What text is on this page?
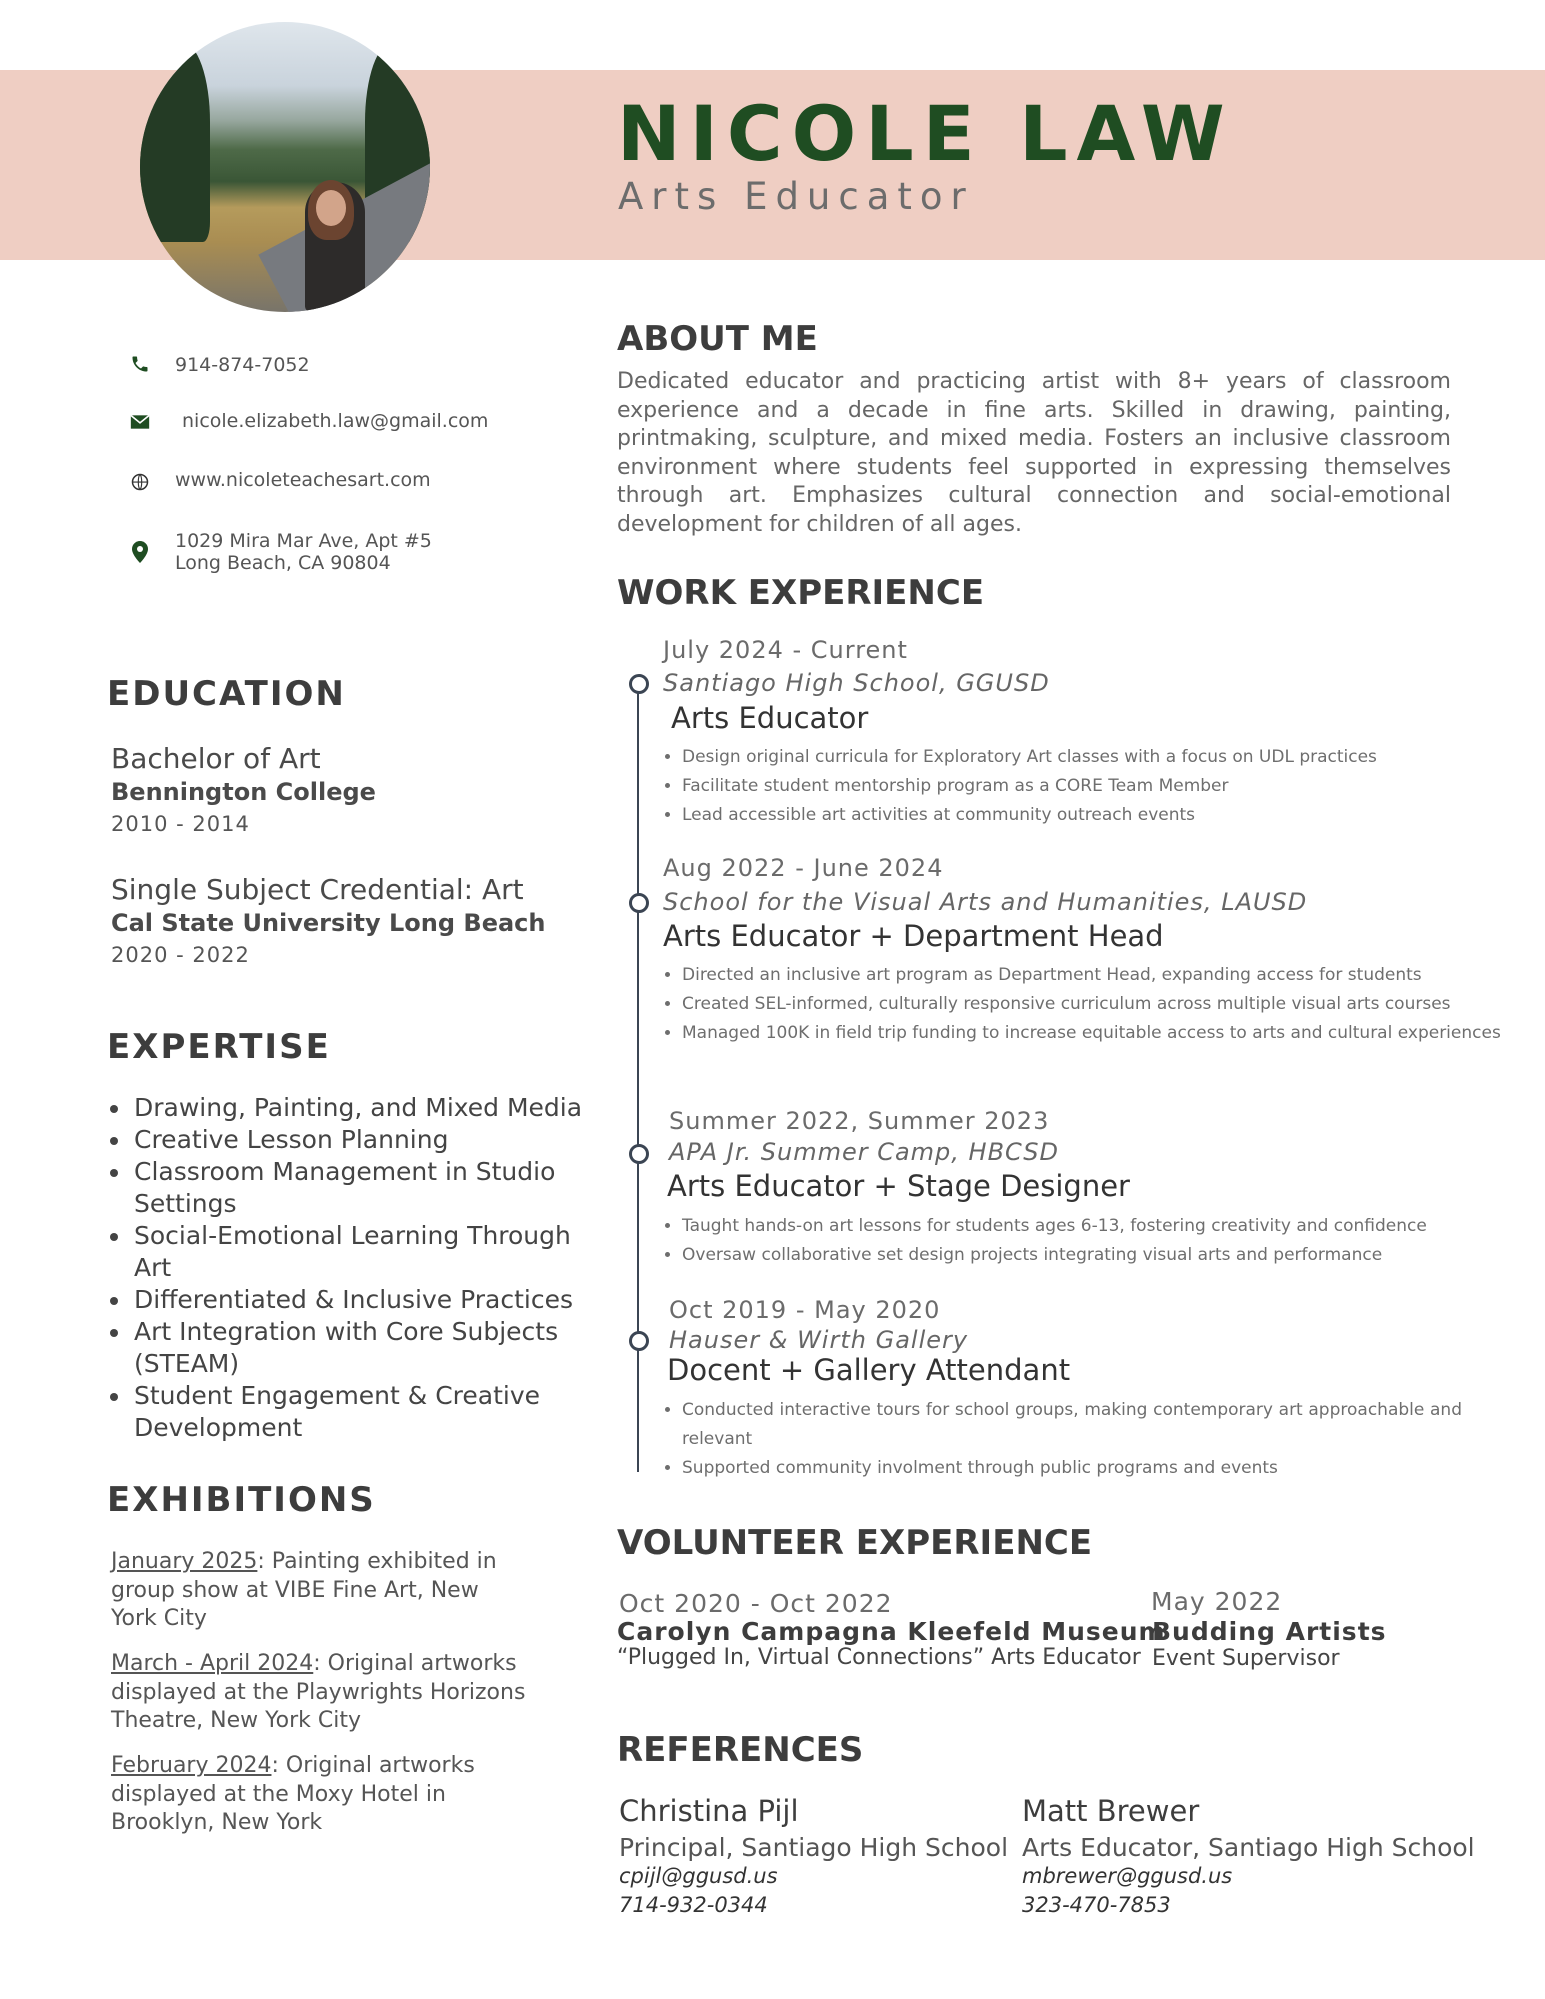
NICOLE LAW
Arts Educator
914-874-7052
nicole.elizabeth.law@gmail.com
www.nicoleteachesart.com
1029 Mira Mar Ave, Apt #5
Long Beach, CA 90804
EDUCATION
Bachelor of Art
Bennington College
2010 - 2014
Single Subject Credential: Art
Cal State University Long Beach
2020 - 2022
EXPERTISE
• Drawing, Painting, and Mixed Media
• Creative Lesson Planning
• Classroom Management in Studio Settings
• Social-Emotional Learning Through Art
• Differentiated & Inclusive Practices
• Art Integration with Core Subjects (STEAM)
• Student Engagement & Creative Development
EXHIBITIONS
January 2025: Painting exhibited in group show at VIBE Fine Art, New York City
March - April 2024: Original artworks displayed at the Playwrights Horizons Theatre, New York City
February 2024: Original artworks displayed at the Moxy Hotel in Brooklyn, New York
ABOUT ME

Dedicated educator and practicing artist with 8+ years of classroom experience and a decade in fine arts. Skilled in drawing, painting, printmaking, sculpture, and mixed media. Fosters an inclusive classroom environment where students feel supported in expressing themselves through art. Emphasizes cultural connection and social-emotional development for children of all ages.

WORK EXPERIENCE
July 2024 - Current
Santiago High School, GGUSD
Arts Educator
• Design original curricula for Exploratory Art classes with a focus on UDL practices
• Facilitate student mentorship program as a CORE Team Member
• Lead accessible art activities at community outreach events
Aug 2022 - June 2024
School for the Visual Arts and Humanities, LAUSD
Arts Educator + Department Head
• Directed an inclusive art program as Department Head, expanding access for students
• Created SEL-informed, culturally responsive curriculum across multiple visual arts courses
• Managed 100K in field trip funding to increase equitable access to arts and cultural experiences
Summer 2022, Summer 2023
APA Jr. Summer Camp, HBCSD
Arts Educator + Stage Designer
• Taught hands-on art lessons for students ages 6-13, fostering creativity and confidence
• Oversaw collaborative set design projects integrating visual arts and performance
Oct 2019 - May 2020
Hauser & Wirth Gallery
Docent + Gallery Attendant
• Conducted interactive tours for school groups, making contemporary art approachable and relevant
• Supported community involment through public programs and events
VOLUNTEER EXPERIENCE
Oct 2020 - Oct 2022
Carolyn Campagna Kleefeld Museum
“Plugged In, Virtual Connections” Arts Educator
May 2022
Budding Artists
Event Supervisor
REFERENCES
Christina Pijl
Principal, Santiago High School
cpijl@ggusd.us
714-932-0344
Matt Brewer
Arts Educator, Santiago High School
mbrewer@ggusd.us
323-470-7853
